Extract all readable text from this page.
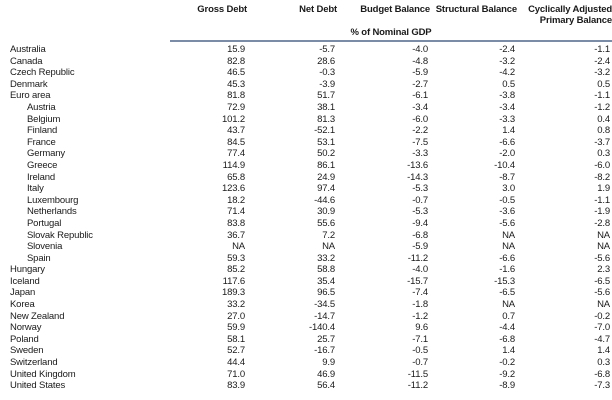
	Gross Debt	Net Debt	Budget Balance	Structural Balance	Cyclically Adjusted Primary Balance
	% of Nominal GDP				
Australia	15.9	-5.7	-4.0	-2.4	-1.1
Canada	82.8	28.6	-4.8	-3.2	-2.4
Czech Republic	46.5	-0.3	-5.9	-4.2	-3.2
Denmark	45.3	-3.9	-2.7	0.5	0.5
Euro area	81.8	51.7	-6.1	-3.8	-1.1
Austria	72.9	38.1	-3.4	-3.4	-1.2
Belgium	101.2	81.3	-6.0	-3.3	0.4
Finland	43.7	-52.1	-2.2	1.4	0.8
France	84.5	53.1	-7.5	-6.6	-3.7
Germany	77.4	50.2	-3.3	-2.0	0.3
Greece	114.9	86.1	-13.6	-10.4	-6.0
Ireland	65.8	24.9	-14.3	-8.7	-8.2
Italy	123.6	97.4	-5.3	3.0	1.9
Luxembourg	18.2	-44.6	-0.7	-0.5	-1.1
Netherlands	71.4	30.9	-5.3	-3.6	-1.9
Portugal	83.8	55.6	-9.4	-5.6	-2.8
Slovak Republic	36.7	7.2	-6.8	NA	NA
Slovenia	NA	NA	-5.9	NA	NA
Spain	59.3	33.2	-11.2	-6.6	-5.6
Hungary	85.2	58.8	-4.0	-1.6	2.3
Iceland	117.6	35.4	-15.7	-15.3	-6.5
Japan	189.3	96.5	-7.4	-6.5	-5.6
Korea	33.2	-34.5	-1.8	NA	NA
New Zealand	27.0	-14.7	-1.2	0.7	-0.2
Norway	59.9	-140.4	9.6	-4.4	-7.0
Poland	58.1	25.7	-7.1	-6.8	-4.7
Sweden	52.7	-16.7	-0.5	1.4	1.4
Switzerland	44.4	9.9	-0.7	-0.2	0.3
United Kingdom	71.0	46.9	-11.5	-9.2	-6.8
United States	83.9	56.4	-11.2	-8.9	-7.3
